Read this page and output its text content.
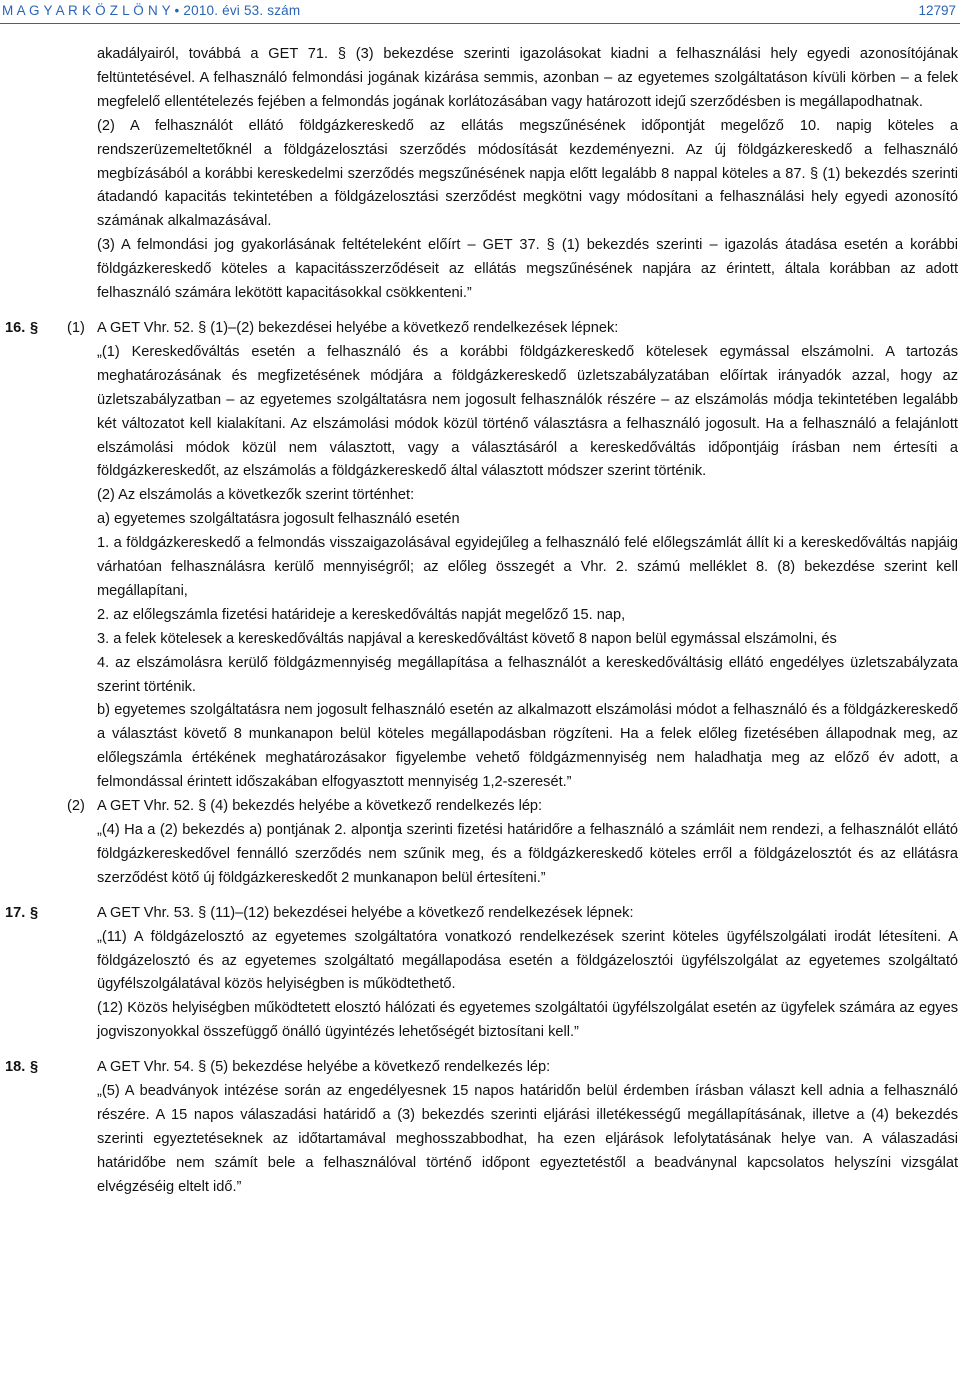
M A G Y A R K Ö Z L Ö N Y • 2010. évi 53. szám	12797

akadályairól, továbbá a GET 71. § (3) bekezdése szerinti igazolásokat kiadni a felhasználási hely egyedi azonosítójának feltüntetésével. A felhasználó felmondási jogának kizárása semmis, azonban – az egyetemes szolgáltatáson kívüli körben – a felek megfelelő ellentételezés fejében a felmondás jogának korlátozásában vagy határozott idejű szerződésben is megállapodhatnak.

(2) A felhasználót ellátó földgázkereskedő az ellátás megszűnésének időpontját megelőző 10. napig köteles a rendszerüzemeltetőknél a földgázelosztási szerződés módosítását kezdeményezni. Az új földgázkereskedő a felhasználó megbízásából a korábbi kereskedelmi szerződés megszűnésének napja előtt legalább 8 nappal köteles a 87. § (1) bekezdés szerinti átadandó kapacitás tekintetében a földgázelosztási szerződést megkötni vagy módosítani a felhasználási hely egyedi azonosító számának alkalmazásával.

(3) A felmondási jog gyakorlásának feltételeként előírt – GET 37. § (1) bekezdés szerinti – igazolás átadása esetén a korábbi földgázkereskedő köteles a kapacitásszerződéseit az ellátás megszűnésének napjára az érintett, általa korábban az adott felhasználó számára lekötött kapacitásokkal csökkenteni.”

16. § (1) A GET Vhr. 52. § (1)–(2) bekezdései helyébe a következő rendelkezések lépnek:

„(1) Kereskedőváltás esetén a felhasználó és a korábbi földgázkereskedő kötelesek egymással elszámolni. A tartozás meghatározásának és megfizetésének módjára a földgázkereskedő üzletszabályzatában előírtak irányadók azzal, hogy az üzletszabályzatban – az egyetemes szolgáltatásra nem jogosult felhasználók részére – az elszámolás módja tekintetében legalább két változatot kell kialakítani. Az elszámolási módok közül történő választásra a felhasználó jogosult. Ha a felhasználó a felajánlott elszámolási módok közül nem választott, vagy a választásáról a kereskedőváltás időpontjáig írásban nem értesíti a földgázkereskedőt, az elszámolás a földgázkereskedő által választott módszer szerint történik.

(2) Az elszámolás a következők szerint történhet:

a) egyetemes szolgáltatásra jogosult felhasználó esetén

1. a földgázkereskedő a felmondás visszaigazolásával egyidejűleg a felhasználó felé előlegszámlát állít ki a kereskedőváltás napjáig várhatóan felhasználásra kerülő mennyiségről; az előleg összegét a Vhr. 2. számú melléklet 8. (8) bekezdése szerint kell megállapítani,

2. az előlegszámla fizetési határideje a kereskedőváltás napját megelőző 15. nap,

3. a felek kötelesek a kereskedőváltás napjával a kereskedőváltást követő 8 napon belül egymással elszámolni, és

4. az elszámolásra kerülő földgázmennyiség megállapítása a felhasználót a kereskedőváltásig ellátó engedélyes üzletszabályzata szerint történik.

b) egyetemes szolgáltatásra nem jogosult felhasználó esetén az alkalmazott elszámolási módot a felhasználó és a földgázkereskedő a választást követő 8 munkanapon belül köteles megállapodásban rögzíteni. Ha a felek előleg fizetésében állapodnak meg, az előlegszámla értékének meghatározásakor figyelembe vehető földgázmennyiség nem haladhatja meg az előző év adott, a felmondással érintett időszakában elfogyasztott mennyiség 1,2-szeresét.”

(2) A GET Vhr. 52. § (4) bekezdés helyébe a következő rendelkezés lép:

„(4) Ha a (2) bekezdés a) pontjának 2. alpontja szerinti fizetési határidőre a felhasználó a számláit nem rendezi, a felhasználót ellátó földgázkereskedővel fennálló szerződés nem szűnik meg, és a földgázkereskedő köteles erről a földgázelosztót és az ellátásra szerződést kötő új földgázkereskedőt 2 munkanapon belül értesíteni.”

17. §	A GET Vhr. 53. § (11)–(12) bekezdései helyébe a következő rendelkezések lépnek:

„(11) A földgázelosztó az egyetemes szolgáltatóra vonatkozó rendelkezések szerint köteles ügyfélszolgálati irodát létesíteni. A földgázelosztó és az egyetemes szolgáltató megállapodása esetén a földgázelosztói ügyfélszolgálat az egyetemes szolgáltató ügyfélszolgálatával közös helyiségben is működtethető.

(12) Közös helyiségben működtetett elosztó hálózati és egyetemes szolgáltatói ügyfélszolgálat esetén az ügyfelek számára az egyes jogviszonyokkal összefüggő önálló ügyintézés lehetőségét biztosítani kell.”

18. §	A GET Vhr. 54. § (5) bekezdése helyébe a következő rendelkezés lép:

„(5) A beadványok intézése során az engedélyesnek 15 napos határidőn belül érdemben írásban választ kell adnia a felhasználó részére. A 15 napos válaszadási határidő a (3) bekezdés szerinti eljárási illetékességű megállapításának, illetve a (4) bekezdés szerinti egyeztetéseknek az időtartamával meghosszabbodhat, ha ezen eljárások lefolytatásának helye van. A válaszadási határidőbe nem számít bele a felhasználóval történő időpont egyeztetéstől a beadványnal kapcsolatos helyszíni vizsgálat elvégzéséig eltelt idő.”
